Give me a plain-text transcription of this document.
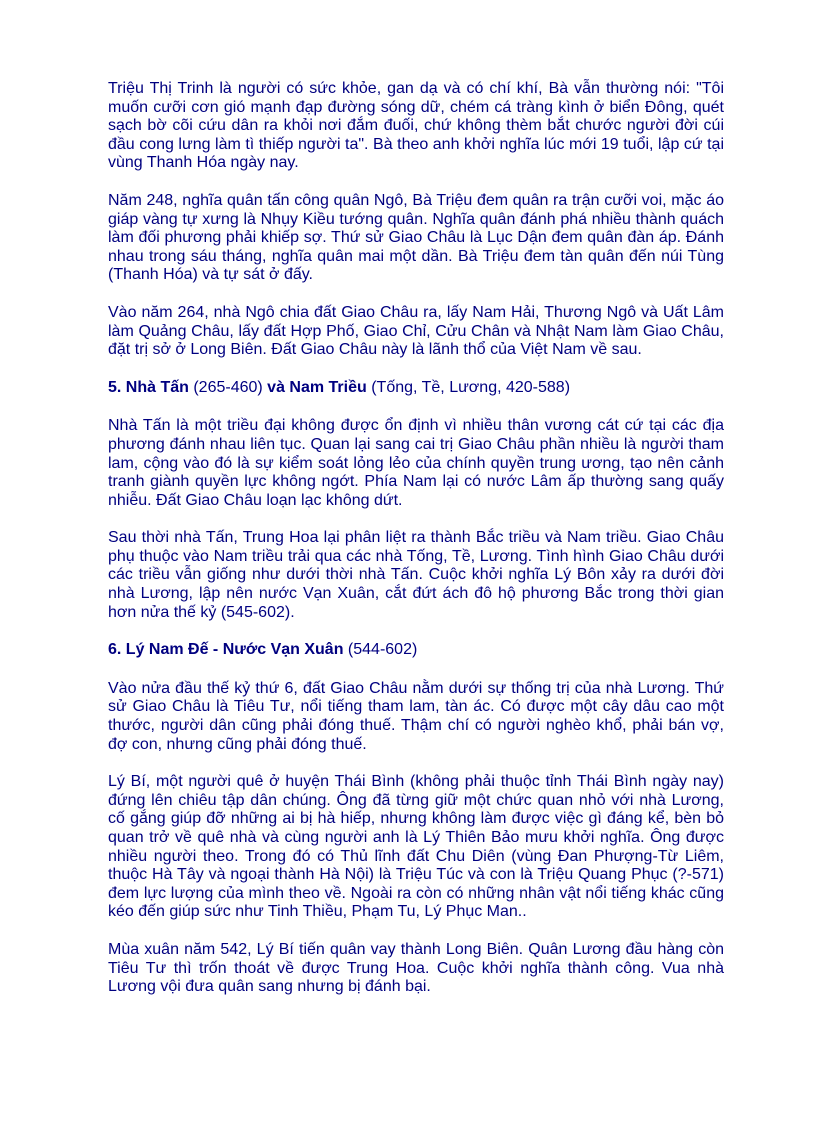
Triệu Thị Trinh là người có sức khỏe, gan dạ và có chí khí, Bà vẫn thường nói: "Tôi muốn cưỡi cơn gió mạnh đạp đường sóng dữ, chém cá tràng kình ở biển Đông, quét sạch bờ cõi cứu dân ra khỏi nơi đắm đuối, chứ không thèm bắt chước người đời cúi đầu cong lưng làm tì thiếp người ta". Bà theo anh khởi nghĩa lúc mới 19 tuổi, lập cứ tại vùng Thanh Hóa ngày nay.

Năm 248, nghĩa quân tấn công quân Ngô, Bà Triệu đem quân ra trận cưỡi voi, mặc áo giáp vàng tự xưng là Nhụy Kiều tướng quân. Nghĩa quân đánh phá nhiều thành quách làm đối phương phải khiếp sợ. Thứ sử Giao Châu là Lục Dận đem quân đàn áp. Đánh nhau trong sáu tháng, nghĩa quân mai một dần. Bà Triệu đem tàn quân đến núi Tùng (Thanh Hóa) và tự sát ở đấy.

Vào năm 264, nhà Ngô chia đất Giao Châu ra, lấy Nam Hải, Thương Ngô và Uất Lâm làm Quảng Châu, lấy đất Hợp Phố, Giao Chỉ, Cửu Chân và Nhật Nam làm Giao Châu, đặt trị sở ở Long Biên. Đất Giao Châu này là lãnh thổ của Việt Nam về sau.

5. Nhà Tấn (265-460) và Nam Triều (Tống, Tề, Lương, 420-588)

Nhà Tấn là một triều đại không được ổn định vì nhiều thân vương cát cứ tại các địa phương đánh nhau liên tục. Quan lại sang cai trị Giao Châu phần nhiều là người tham lam, cộng vào đó là sự kiểm soát lỏng lẻo của chính quyền trung ương, tạo nên cảnh tranh giành quyền lực không ngớt. Phía Nam lại có nước Lâm ấp thường sang quấy nhiễu. Đất Giao Châu loạn lạc không dứt.

Sau thời nhà Tấn, Trung Hoa lại phân liệt ra thành Bắc triều và Nam triều. Giao Châu phụ thuộc vào Nam triều trải qua các nhà Tống, Tề, Lương. Tình hình Giao Châu dưới các triều vẫn giống như dưới thời nhà Tấn. Cuộc khởi nghĩa Lý Bôn xảy ra dưới đời nhà Lương, lập nên nước Vạn Xuân, cắt đứt ách đô hộ phương Bắc trong thời gian hơn nửa thế kỷ (545-602).

6. Lý Nam Đế - Nước Vạn Xuân (544-602)

Vào nửa đầu thế kỷ thứ 6, đất Giao Châu nằm dưới sự thống trị của nhà Lương. Thứ sử Giao Châu là Tiêu Tư, nổi tiếng tham lam, tàn ác. Có được một cây dâu cao một thước, người dân cũng phải đóng thuế. Thậm chí có người nghèo khổ, phải bán vợ, đợ con, nhưng cũng phải đóng thuế.

Lý Bí, một người quê ở huyện Thái Bình (không phải thuộc tỉnh Thái Bình ngày nay) đứng lên chiêu tập dân chúng. Ông đã từng giữ một chức quan nhỏ với nhà Lương, cố gắng giúp đỡ những ai bị hà hiếp, nhưng không làm được việc gì đáng kể, bèn bỏ quan trở về quê nhà và cùng người anh là Lý Thiên Bảo mưu khởi nghĩa. Ông được nhiều người theo. Trong đó có Thủ lĩnh đất Chu Diên (vùng Đan Phượng-Từ Liêm, thuộc Hà Tây và ngoại thành Hà Nội) là Triệu Túc và con là Triệu Quang Phục (?-571) đem lực lượng của mình theo về. Ngoài ra còn có những nhân vật nổi tiếng khác cũng kéo đến giúp sức như Tinh Thiều, Phạm Tu, Lý Phục Man..

Mùa xuân năm 542, Lý Bí tiến quân vay thành Long Biên. Quân Lương đầu hàng còn Tiêu Tư thì trốn thoát về được Trung Hoa. Cuộc khởi nghĩa thành công. Vua nhà Lương vội đưa quân sang nhưng bị đánh bại.
